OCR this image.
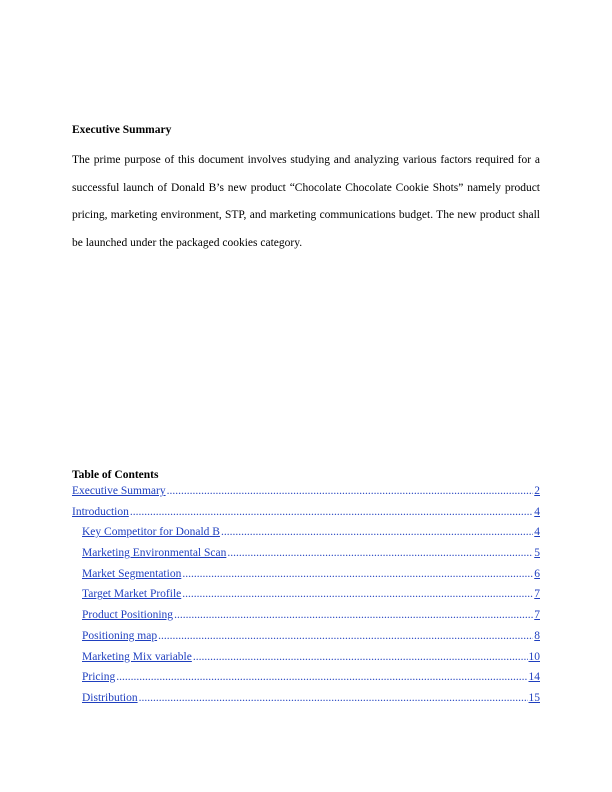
Executive Summary

The prime purpose of this document involves studying and analyzing various factors required for a successful launch of Donald B’s new product “Chocolate Chocolate Cookie Shots” namely product pricing, marketing environment, STP, and marketing communications budget. The new product shall be launched under the packaged cookies category.

Table of Contents
Executive Summary .....	2
Introduction .....	4
Key Competitor for Donald B .....	4
Marketing Environmental Scan .....	5
Market Segmentation .....	6
Target Market Profile .....	7
Product Positioning .....	7
Positioning map .....	8
Marketing Mix variable .....	10
Pricing .....	14
Distribution .....	15
